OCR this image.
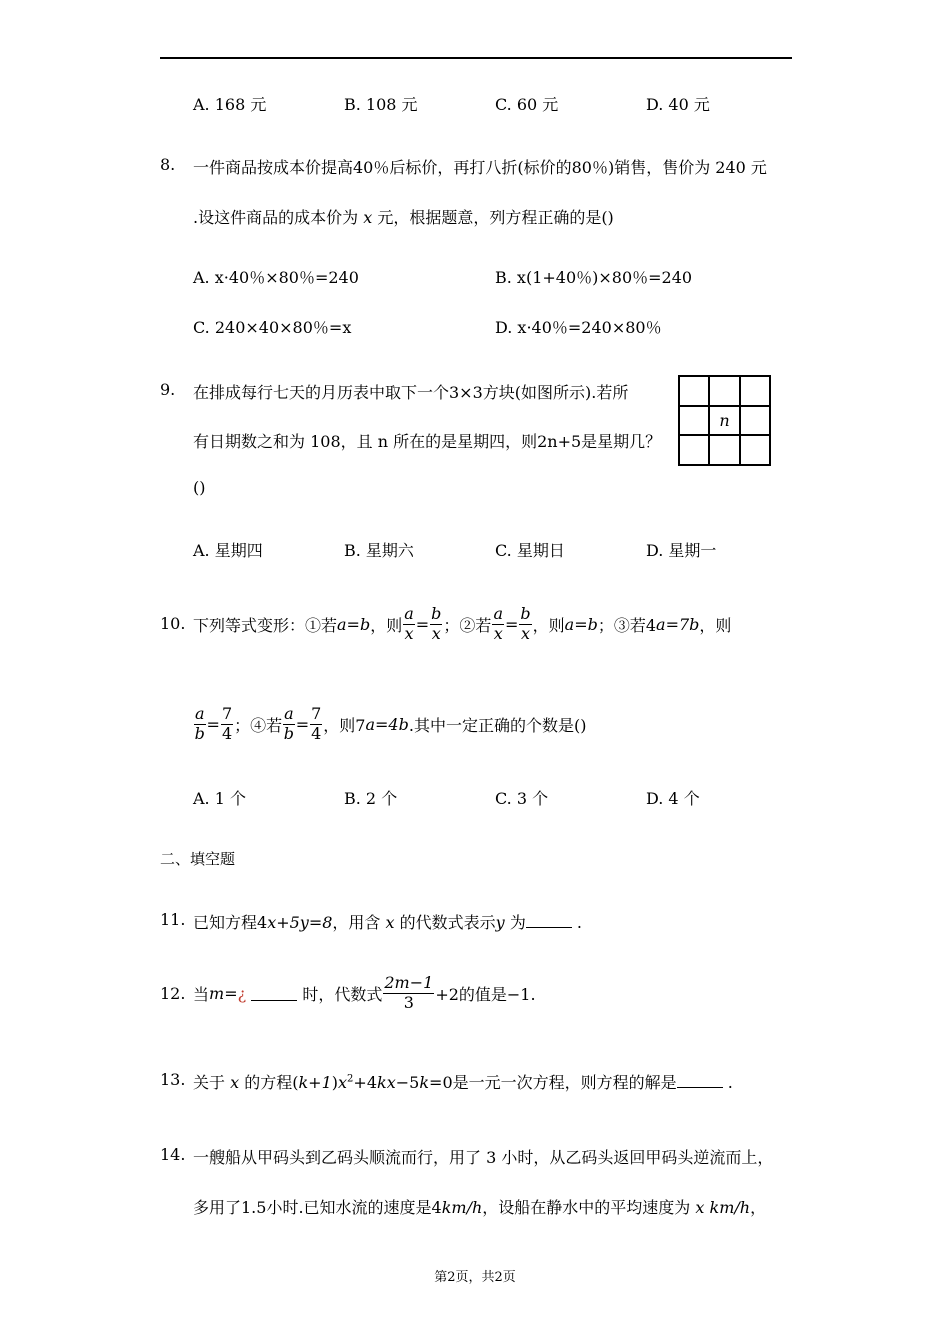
A. 168 元	B. 108 元	C. 60 元	D. 40 元
8. 一件商品按成本价提高40％后标价，再打八折(标价的80％)销售，售价为 240 元
.设这件商品的成本价为 x 元，根据题意，列方程正确的是()
A. x·40％×80％=240	B. x(1+40％)×80％=240
C. 240×40×80％=x	D. x·40％=240×80％
9. 在排成每行七天的月历表中取下一个3×3方块(如图所示).若所
有日期数之和为 108，且 n 所在的是星期四，则2n+5是星期几？
()
n
A. 星期四	B. 星期六	C. 星期日	D. 星期一
10. 下列等式变形：①若 a=b ，则 $\frac{a}{x} = \frac{b}{x}$ ；②若 $\frac{a}{x} = \frac{b}{x}$ ，则 a=b ；③若4 a=7b ，则
$\frac{a}{b} = \frac{7}{4}$ ；④若 $\frac{a}{b} = \frac{7}{4}$ ，则7 a=4b .其中一定正确的个数是()
A. 1 个	B. 2 个	C. 3 个	D. 4 个
二、填空题
11. 已知方程4x+5y=8，用含 x 的代数式表示y 为	.
12. 当 m= ¿

	时，代数式 $\frac{2m-1}{3} +2$的值是−1.
13. 关于 x 的方程$(k+1)x^2+4kx-5k=0$是一元一次方程，则方程的解是	.
14. 一艘船从甲码头到乙码头顺流而行，用了 3 小时，从乙码头返回甲码头逆流而上，
多用了1.5小时.已知水流的速度是4km/h，设船在静水中的平均速度为 x km/h，
第2页，共2页
